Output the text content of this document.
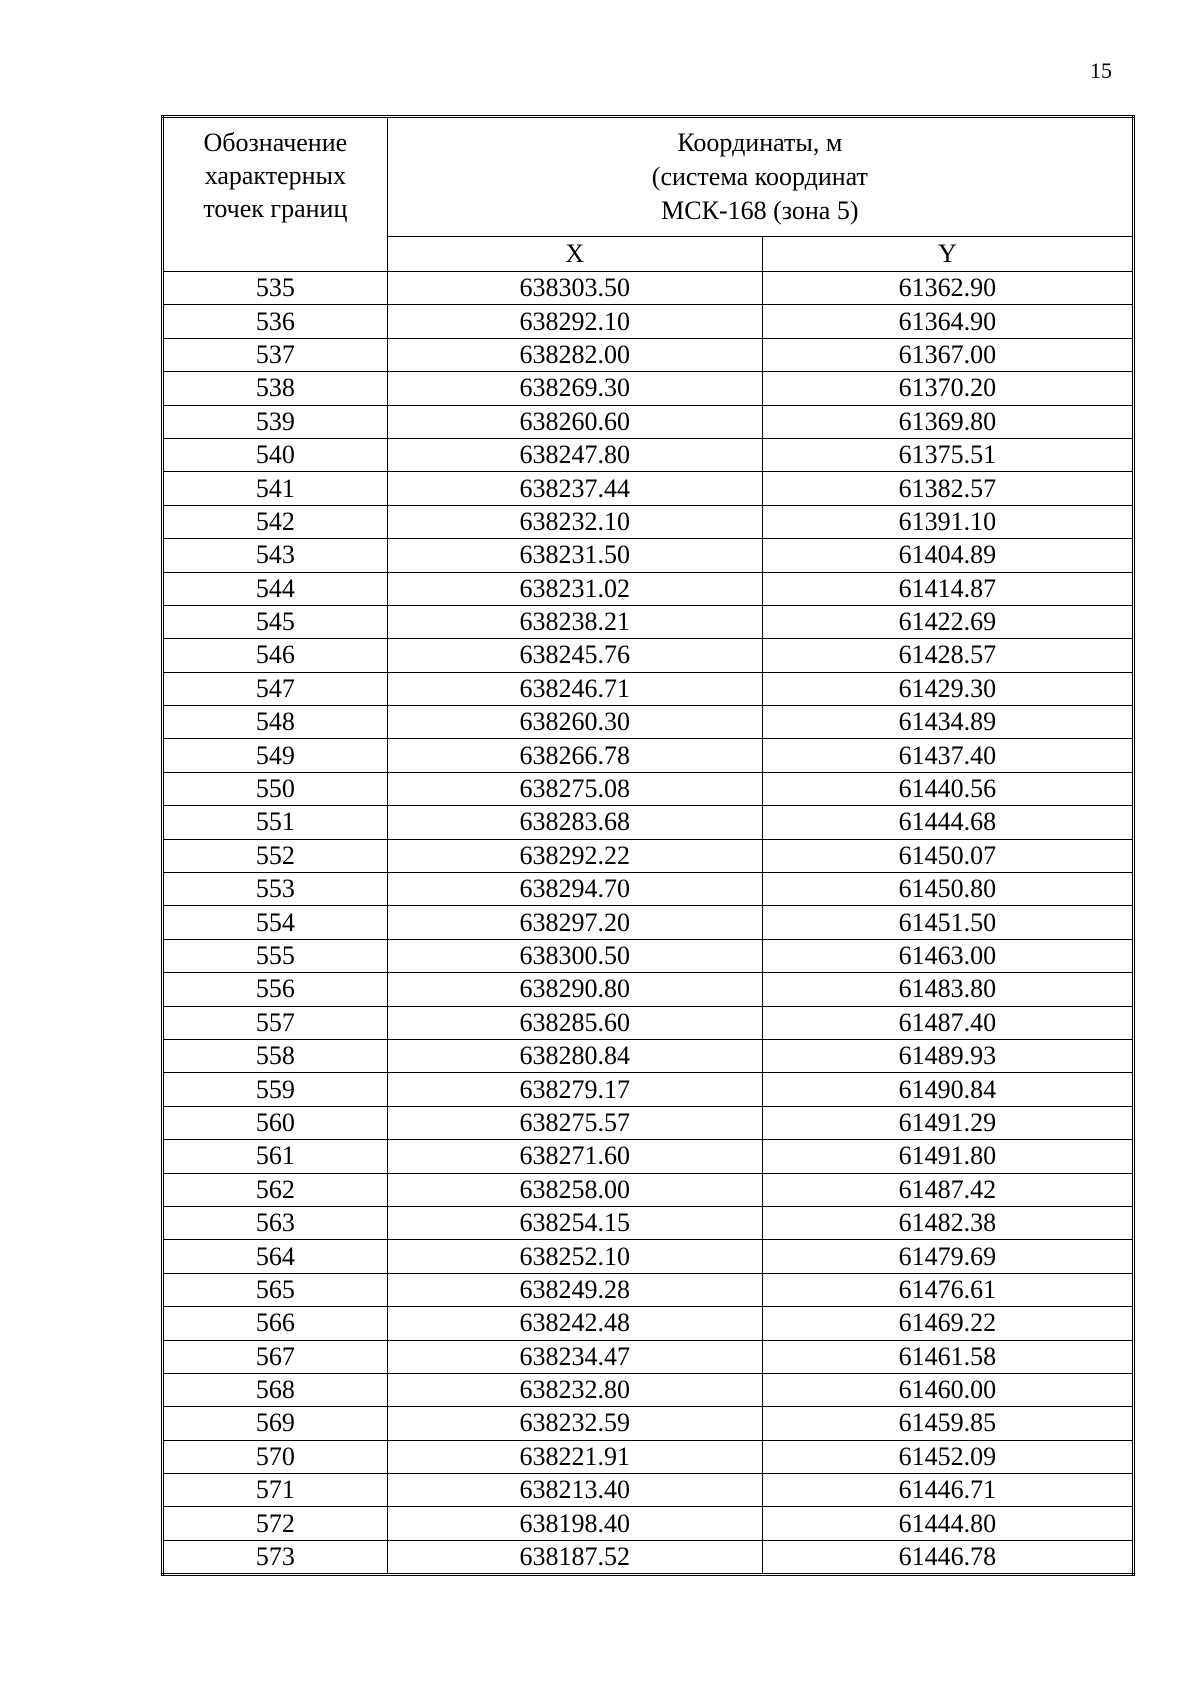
15
Обозначение
характерных
точек границ	Координаты, м
(система координат
МСК-168 (зона 5)	

	X	Y
535	638303.50	61362.90
536	638292.10	61364.90
537	638282.00	61367.00
538	638269.30	61370.20
539	638260.60	61369.80
540	638247.80	61375.51
541	638237.44	61382.57
542	638232.10	61391.10
543	638231.50	61404.89
544	638231.02	61414.87
545	638238.21	61422.69
546	638245.76	61428.57
547	638246.71	61429.30
548	638260.30	61434.89
549	638266.78	61437.40
550	638275.08	61440.56
551	638283.68	61444.68
552	638292.22	61450.07
553	638294.70	61450.80
554	638297.20	61451.50
555	638300.50	61463.00
556	638290.80	61483.80
557	638285.60	61487.40
558	638280.84	61489.93
559	638279.17	61490.84
560	638275.57	61491.29
561	638271.60	61491.80
562	638258.00	61487.42
563	638254.15	61482.38
564	638252.10	61479.69
565	638249.28	61476.61
566	638242.48	61469.22
567	638234.47	61461.58
568	638232.80	61460.00
569	638232.59	61459.85
570	638221.91	61452.09
571	638213.40	61446.71
572	638198.40	61444.80
573	638187.52	61446.78
